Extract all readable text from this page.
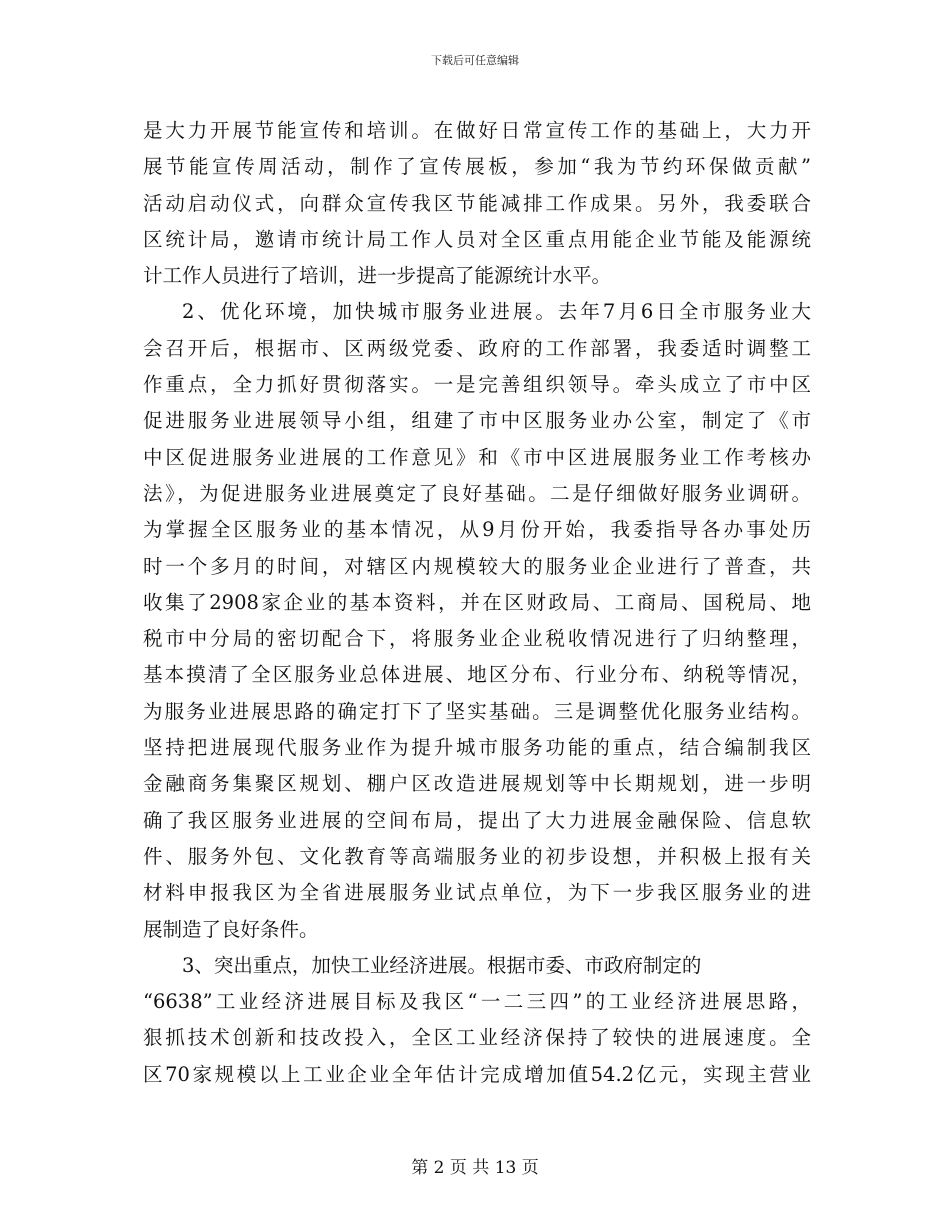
下载后可任意编辑
是大力开展节能宣传和培训。在做好日常宣传工作的基础上，大力开
展节能宣传周活动，制作了宣传展板，参加“我为节约环保做贡献”
活动启动仪式，向群众宣传我区节能减排工作成果。另外，我委联合
区统计局，邀请市统计局工作人员对全区重点用能企业节能及能源统
计工作人员进行了培训，进一步提高了能源统计水平。
2、优化环境，加快城市服务业进展。去年7月6日全市服务业大
会召开后，根据市、区两级党委、政府的工作部署，我委适时调整工
作重点，全力抓好贯彻落实。一是完善组织领导。牵头成立了市中区
促进服务业进展领导小组，组建了市中区服务业办公室，制定了《市
中区促进服务业进展的工作意见》和《市中区进展服务业工作考核办
法》，为促进服务业进展奠定了良好基础。二是仔细做好服务业调研。
为掌握全区服务业的基本情况，从9月份开始，我委指导各办事处历
时一个多月的时间，对辖区内规模较大的服务业企业进行了普查，共
收集了2908家企业的基本资料，并在区财政局、工商局、国税局、地
税市中分局的密切配合下，将服务业企业税收情况进行了归纳整理，
基本摸清了全区服务业总体进展、地区分布、行业分布、纳税等情况，
为服务业进展思路的确定打下了坚实基础。三是调整优化服务业结构。
坚持把进展现代服务业作为提升城市服务功能的重点，结合编制我区
金融商务集聚区规划、棚户区改造进展规划等中长期规划，进一步明
确了我区服务业进展的空间布局，提出了大力进展金融保险、信息软
件、服务外包、文化教育等高端服务业的初步设想，并积极上报有关
材料申报我区为全省进展服务业试点单位，为下一步我区服务业的进
展制造了良好条件。
3、突出重点，加快工业经济进展。根据市委、市政府制定的
“6638”工业经济进展目标及我区“一二三四”的工业经济进展思路，
狠抓技术创新和技改投入，全区工业经济保持了较快的进展速度。全
区70家规模以上工业企业全年估计完成增加值54.2亿元，实现主营业
第 2 页 共 13 页
